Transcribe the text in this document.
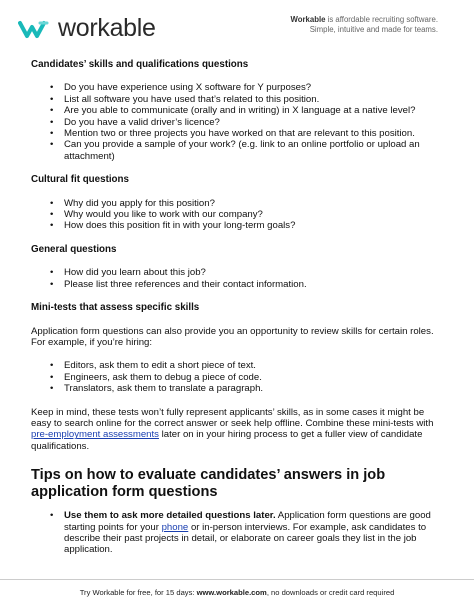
workable	Workable is affordable recruiting software.
Simple, intuitive and made for teams.
Candidates’ skills and qualifications questions
• Do you have experience using X software for Y purposes?
• List all software you have used that’s related to this position.
• Are you able to communicate (orally and in writing) in X language at a native level?
• Do you have a valid driver’s licence?
• Mention two or three projects you have worked on that are relevant to this position.
• Can you provide a sample of your work? (e.g. link to an online portfolio or upload an attachment)
Cultural fit questions
• Why did you apply for this position?
• Why would you like to work with our company?
• How does this position fit in with your long-term goals?
General questions
• How did you learn about this job?
• Please list three references and their contact information.
Mini-tests that assess specific skills

Application form questions can also provide you an opportunity to review skills for certain roles. For example, if you’re hiring:

• Editors, ask them to edit a short piece of text.
• Engineers, ask them to debug a piece of code.
• Translators, ask them to translate a paragraph.

Keep in mind, these tests won’t fully represent applicants’ skills, as in some cases it might be easy to search online for the correct answer or seek help offline. Combine these mini-tests with pre-employment assessments later on in your hiring process to get a fuller view of candidate qualifications.

Tips on how to evaluate candidates’ answers in job application form questions
• Use them to ask more detailed questions later. Application form questions are good starting points for your phone or in-person interviews. For example, ask candidates to describe their past projects in detail, or elaborate on career goals they list in the job application.
Try Workable for free, for 15 days: www.workable.com, no downloads or credit card required
